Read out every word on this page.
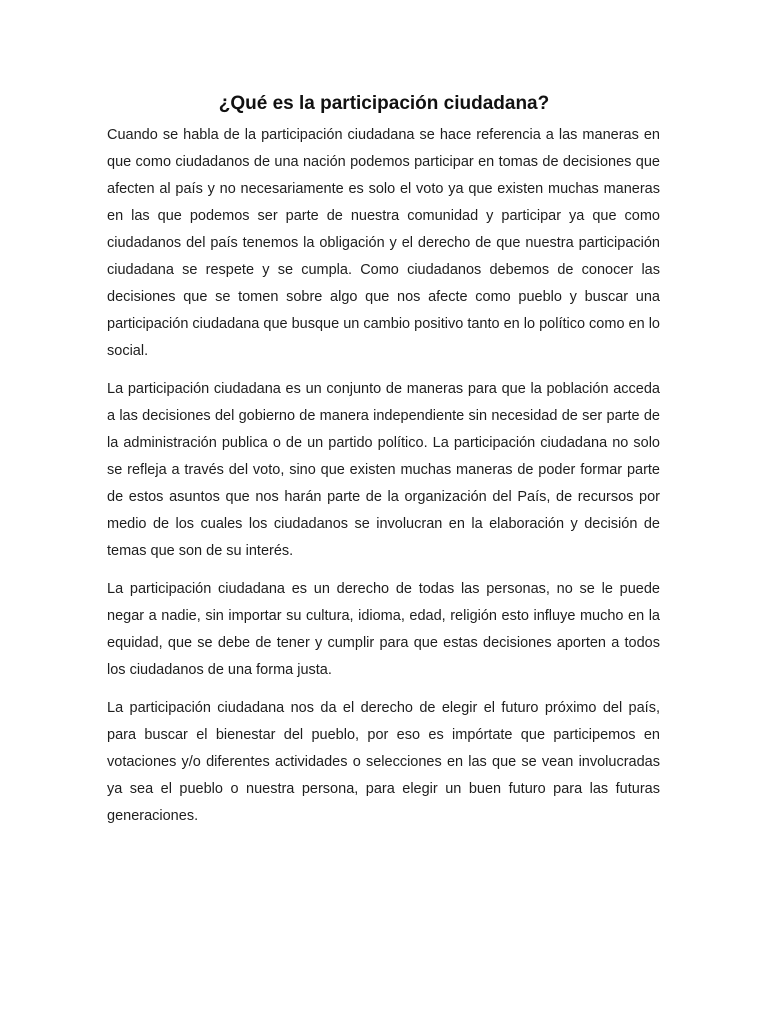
¿Qué es la participación ciudadana?

Cuando se habla de la participación ciudadana se hace referencia a las maneras en que como ciudadanos de una nación podemos participar en tomas de decisiones que afecten al país y no necesariamente es solo el voto ya que existen muchas maneras en las que podemos ser parte de nuestra comunidad y participar ya que como ciudadanos del país tenemos la obligación y el derecho de que nuestra participación ciudadana se respete y se cumpla. Como ciudadanos debemos de conocer las decisiones que se tomen sobre algo que nos afecte como pueblo y buscar una participación ciudadana que busque un cambio positivo tanto en lo político como en lo social.

La participación ciudadana es un conjunto de maneras para que la población acceda a las decisiones del gobierno de manera independiente sin necesidad de ser parte de la administración publica o de un partido político. La participación ciudadana no solo se refleja a través del voto, sino que existen muchas maneras de poder formar parte de estos asuntos que nos harán parte de la organización del País, de recursos por medio de los cuales los ciudadanos se involucran en la elaboración y decisión de temas que son de su interés.

La participación ciudadana es un derecho de todas las personas, no se le puede negar a nadie, sin importar su cultura, idioma, edad, religión esto influye mucho en la equidad, que se debe de tener y cumplir para que estas decisiones aporten a todos los ciudadanos de una forma justa.

La participación ciudadana nos da el derecho de elegir el futuro próximo del país, para buscar el bienestar del pueblo, por eso es impórtate que participemos en votaciones y/o diferentes actividades o selecciones en las que se vean involucradas ya sea el pueblo o nuestra persona, para elegir un buen futuro para las futuras generaciones.
